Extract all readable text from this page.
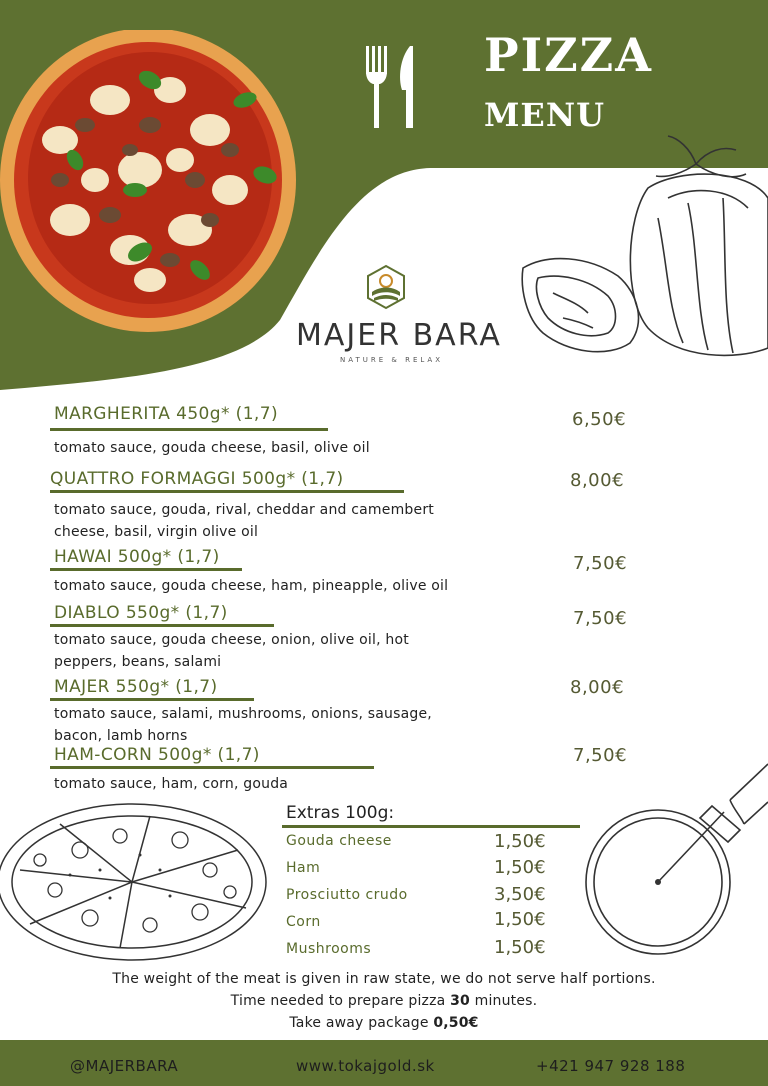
PIZZA
MENU
MAJER BARA
NATURE & RELAX
MARGHERITA 450g* (1,7)
tomato sauce, gouda cheese, basil, olive oil
6,50€
QUATTRO FORMAGGI 500g* (1,7)
tomato sauce, gouda, rival, cheddar and camembert
cheese, basil, virgin olive oil
8,00€
HAWAI 500g* (1,7)
tomato sauce, gouda cheese, ham, pineapple, olive oil
7,50€
DIABLO 550g* (1,7)
tomato sauce, gouda cheese, onion, olive oil, hot
peppers, beans, salami
7,50€
MAJER 550g* (1,7)
tomato sauce, salami, mushrooms, onions, sausage,
bacon, lamb horns
8,00€
HAM-CORN 500g* (1,7)
tomato sauce, ham, corn, gouda
7,50€
Extras 100g:
Gouda cheese	1,50€
Ham	1,50€
Prosciutto crudo	3,50€
Corn	1,50€
Mushrooms	1,50€
The weight of the meat is given in raw state, we do not serve half portions.
Time needed to prepare pizza 30 minutes.
Take away package 0,50€
@MAJERBARA	www.tokajgold.sk	+421 947 928 188
